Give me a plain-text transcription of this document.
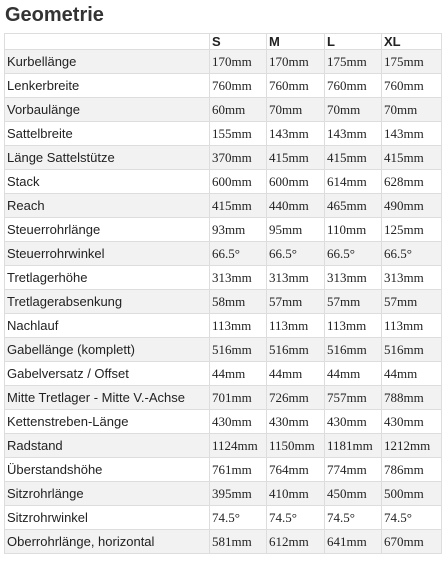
Geometrie
	S	M	L	XL
Kurbellänge	170mm	170mm	175mm	175mm
Lenkerbreite	760mm	760mm	760mm	760mm
Vorbaulänge	60mm	70mm	70mm	70mm
Sattelbreite	155mm	143mm	143mm	143mm
Länge Sattelstütze	370mm	415mm	415mm	415mm
Stack	600mm	600mm	614mm	628mm
Reach	415mm	440mm	465mm	490mm
Steuerrohrlänge	93mm	95mm	110mm	125mm
Steuerrohrwinkel	66.5°	66.5°	66.5°	66.5°
Tretlagerhöhe	313mm	313mm	313mm	313mm
Tretlagerabsenkung	58mm	57mm	57mm	57mm
Nachlauf	113mm	113mm	113mm	113mm
Gabellänge (komplett)	516mm	516mm	516mm	516mm
Gabelversatz / Offset	44mm	44mm	44mm	44mm
Mitte Tretlager - Mitte V.-Achse	701mm	726mm	757mm	788mm
Kettenstreben-Länge	430mm	430mm	430mm	430mm
Radstand	1124mm	1150mm	1181mm	1212mm
Überstandshöhe	761mm	764mm	774mm	786mm
Sitzrohrlänge	395mm	410mm	450mm	500mm
Sitzrohrwinkel	74.5°	74.5°	74.5°	74.5°
Oberrohrlänge, horizontal	581mm	612mm	641mm	670mm
